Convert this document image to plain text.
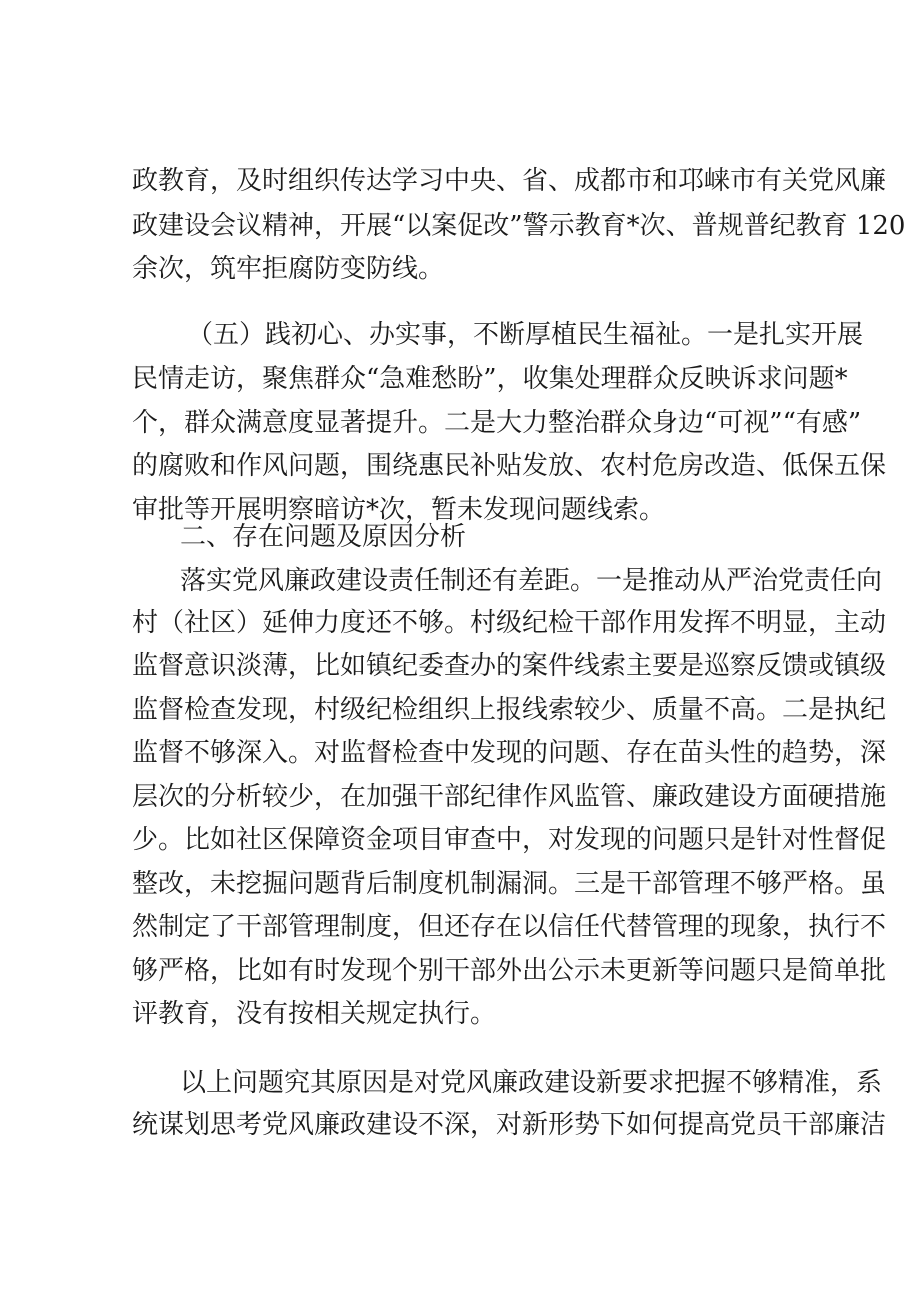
政教育，及时组织传达学习中央、省、成都市和邛崃市有关党风廉
政建设会议精神，开展“以案促改”警示教育*次、普规普纪教育 120
余次，筑牢拒腐防变防线。
（五）践初心、办实事，不断厚植民生福祉。一是扎实开展
民情走访，聚焦群众“急难愁盼”，收集处理群众反映诉求问题*
个，群众满意度显著提升。二是大力整治群众身边“可视”“有感”
的腐败和作风问题，围绕惠民补贴发放、农村危房改造、低保五保
审批等开展明察暗访*次，暂未发现问题线索。
二、存在问题及原因分析
落实党风廉政建设责任制还有差距。一是推动从严治党责任向
村（社区）延伸力度还不够。村级纪检干部作用发挥不明显，主动
监督意识淡薄，比如镇纪委查办的案件线索主要是巡察反馈或镇级
监督检查发现，村级纪检组织上报线索较少、质量不高。二是执纪
监督不够深入。对监督检查中发现的问题、存在苗头性的趋势，深
层次的分析较少，在加强干部纪律作风监管、廉政建设方面硬措施
少。比如社区保障资金项目审查中，对发现的问题只是针对性督促
整改，未挖掘问题背后制度机制漏洞。三是干部管理不够严格。虽
然制定了干部管理制度，但还存在以信任代替管理的现象，执行不
够严格，比如有时发现个别干部外出公示未更新等问题只是简单批
评教育，没有按相关规定执行。
以上问题究其原因是对党风廉政建设新要求把握不够精准，系
统谋划思考党风廉政建设不深，对新形势下如何提高党员干部廉洁
